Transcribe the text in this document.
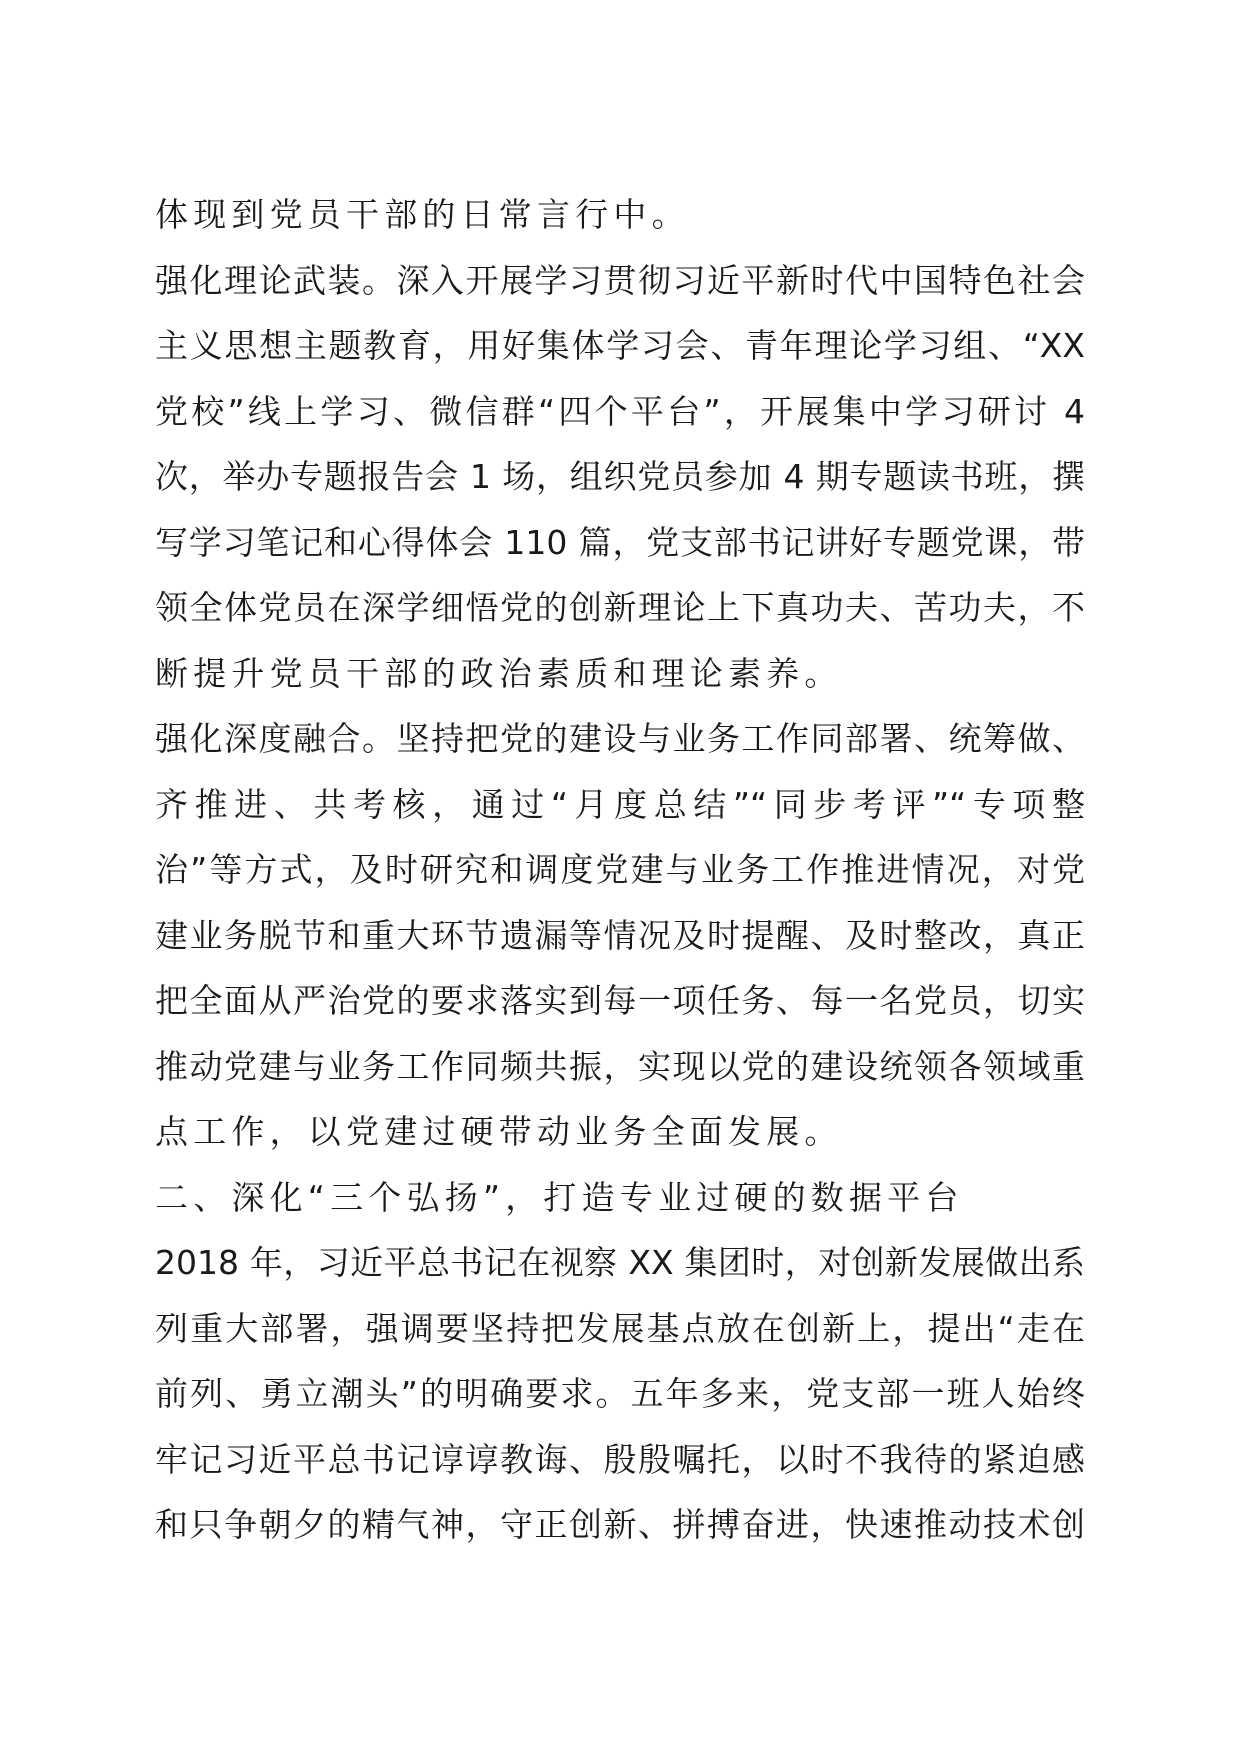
体现到党员干部的日常言行中。
强化理论武装。深入开展学习贯彻习近平新时代中国特色社会
主义思想主题教育，用好集体学习会、青年理论学习组、“XX
党校”线上学习、微信群“四个平台”，开展集中学习研讨 4
次，举办专题报告会 1 场，组织党员参加 4 期专题读书班，撰
写学习笔记和心得体会 110 篇，党支部书记讲好专题党课，带
领全体党员在深学细悟党的创新理论上下真功夫、苦功夫，不
断提升党员干部的政治素质和理论素养。
强化深度融合。坚持把党的建设与业务工作同部署、统筹做、
齐推进、共考核，通过“月度总结”“同步考评”“专项整
治”等方式，及时研究和调度党建与业务工作推进情况，对党
建业务脱节和重大环节遗漏等情况及时提醒、及时整改，真正
把全面从严治党的要求落实到每一项任务、每一名党员，切实
推动党建与业务工作同频共振，实现以党的建设统领各领域重
点工作，以党建过硬带动业务全面发展。
二、深化“三个弘扬”，打造专业过硬的数据平台
2018 年，习近平总书记在视察 XX 集团时，对创新发展做出系
列重大部署，强调要坚持把发展基点放在创新上，提出“走在
前列、勇立潮头”的明确要求。五年多来，党支部一班人始终
牢记习近平总书记谆谆教诲、殷殷嘱托，以时不我待的紧迫感
和只争朝夕的精气神，守正创新、拼搏奋进，快速推动技术创
